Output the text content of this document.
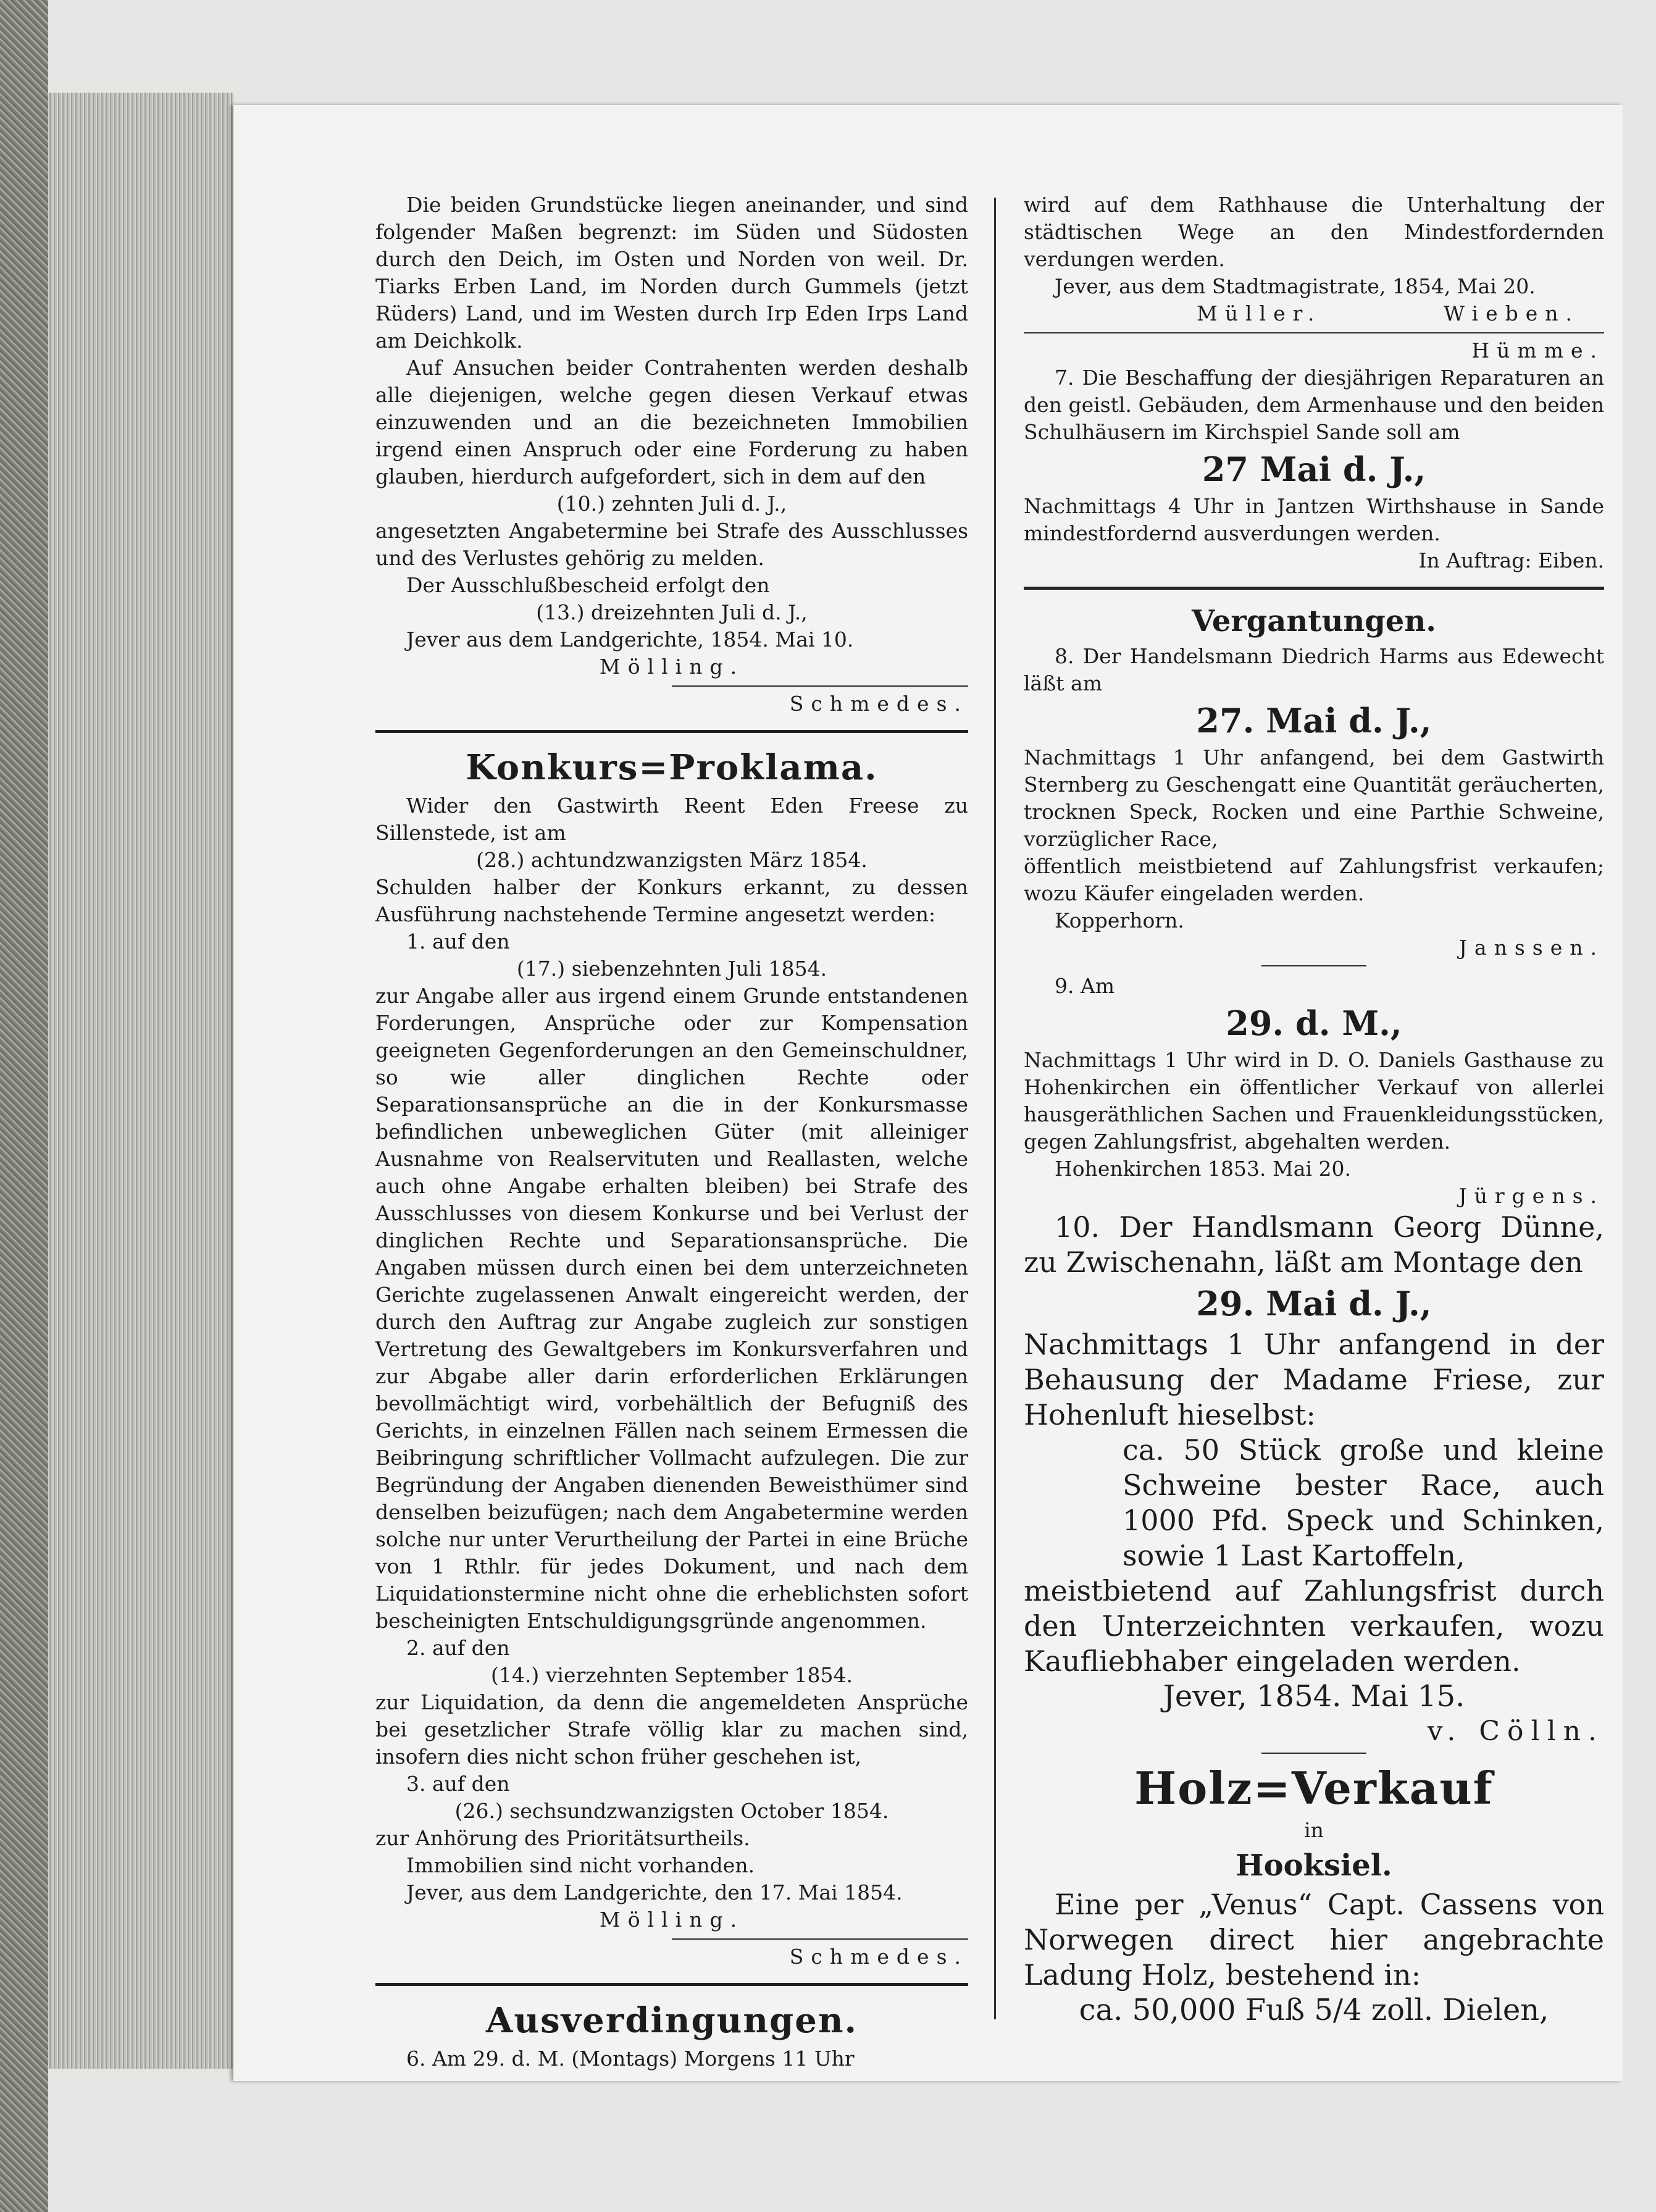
Die beiden Grundstücke liegen aneinander, und sind folgender Maßen begrenzt: im Süden und Südosten durch den Deich, im Osten und Norden von weil. Dr. Tiarks Erben Land, im Norden durch Gummels (jetzt Rüders) Land, und im Westen durch Irp Eden Irps Land am Deichkolk.

Auf Ansuchen beider Contrahenten werden deshalb alle diejenigen, welche gegen diesen Verkauf etwas einzuwenden und an die bezeichneten Immobilien irgend einen Anspruch oder eine Forderung zu haben glauben, hierdurch aufgefordert, sich in dem auf den

(10.) zehnten Juli d. J.,

angesetzten Angabetermine bei Strafe des Ausschlusses und des Verlustes gehörig zu melden.

Der Ausschlußbescheid erfolgt den

(13.) dreizehnten Juli d. J.,

Jever aus dem Landgerichte, 1854. Mai 10.

Mölling.

Schmedes.

Konkurs=Proklama.

Wider den Gastwirth Reent Eden Freese zu Sillenstede, ist am

(28.) achtundzwanzigsten März 1854.

Schulden halber der Konkurs erkannt, zu dessen Ausführung nachstehende Termine angesetzt werden:

1. auf den

(17.) siebenzehnten Juli 1854.

zur Angabe aller aus irgend einem Grunde entstandenen Forderungen, Ansprüche oder zur Kompensation geeigneten Gegenforderungen an den Gemeinschuldner, so wie aller dinglichen Rechte oder Separationsansprüche an die in der Konkursmasse befindlichen unbeweglichen Güter (mit alleiniger Ausnahme von Realservituten und Reallasten, welche auch ohne Angabe erhalten bleiben) bei Strafe des Ausschlusses von diesem Konkurse und bei Verlust der dinglichen Rechte und Separationsansprüche. Die Angaben müssen durch einen bei dem unterzeichneten Gerichte zugelassenen Anwalt eingereicht werden, der durch den Auftrag zur Angabe zugleich zur sonstigen Vertretung des Gewaltgebers im Konkursverfahren und zur Abgabe aller darin erforderlichen Erklärungen bevollmächtigt wird, vorbehältlich der Befugniß des Gerichts, in einzelnen Fällen nach seinem Ermessen die Beibringung schriftlicher Vollmacht aufzulegen. Die zur Begründung der Angaben dienenden Beweisthümer sind denselben beizufügen; nach dem Angabetermine werden solche nur unter Verurtheilung der Partei in eine Brüche von 1 Rthlr. für jedes Dokument, und nach dem Liquidationstermine nicht ohne die erheblichsten sofort bescheinigten Entschuldigungsgründe angenommen.

2. auf den

(14.) vierzehnten September 1854.

zur Liquidation, da denn die angemeldeten Ansprüche bei gesetzlicher Strafe völlig klar zu machen sind, insofern dies nicht schon früher geschehen ist,

3. auf den

(26.) sechsundzwanzigsten October 1854.

zur Anhörung des Prioritätsurtheils.

Immobilien sind nicht vorhanden.

Jever, aus dem Landgerichte, den 17. Mai 1854.

Mölling.

Schmedes.

Ausverdingungen.

6. Am 29. d. M. (Montags) Morgens 11 Uhr

wird auf dem Rathhause die Unterhaltung der städtischen Wege an den Mindestfordernden verdungen werden.

Jever, aus dem Stadtmagistrate, 1854, Mai 20.

Müller.	Wieben.

Hümme.

7. Die Beschaffung der diesjährigen Reparaturen an den geistl. Gebäuden, dem Armenhause und den beiden Schulhäusern im Kirchspiel Sande soll am

27 Mai d. J.,

Nachmittags 4 Uhr in Jantzen Wirthshause in Sande mindestfordernd ausverdungen werden.

In Auftrag: Eiben.

Vergantungen.

8. Der Handelsmann Diedrich Harms aus Edewecht läßt am

27. Mai d. J.,

Nachmittags 1 Uhr anfangend, bei dem Gastwirth Sternberg zu Geschengatt eine Quantität geräucherten, trocknen Speck, Rocken und eine Parthie Schweine, vorzüglicher Race,

öffentlich meistbietend auf Zahlungsfrist verkaufen; wozu Käufer eingeladen werden.

Kopperhorn.

Janssen.

9. Am

29. d. M.,

Nachmittags 1 Uhr wird in D. O. Daniels Gasthause zu Hohenkirchen ein öffentlicher Verkauf von allerlei hausgeräthlichen Sachen und Frauenkleidungsstücken, gegen Zahlungsfrist, abgehalten werden.

Hohenkirchen 1853. Mai 20.

Jürgens.

10. Der Handlsmann Georg Dünne, zu Zwischenahn, läßt am Montage den

29. Mai d. J.,

Nachmittags 1 Uhr anfangend in der Behausung der Madame Friese, zur Hohenluft hieselbst:

ca. 50 Stück große und kleine Schweine bester Race, auch 1000 Pfd. Speck und Schinken, sowie 1 Last Kartoffeln,

meistbietend auf Zahlungsfrist durch den Unterzeichnten verkaufen, wozu Kaufliebhaber eingeladen werden.

Jever, 1854. Mai 15.

v. Cölln.

Holz=Verkauf

in

Hooksiel.

Eine per „Venus“ Capt. Cassens von Norwegen direct hier angebrachte Ladung Holz, bestehend in:

ca. 50,000 Fuß 5/4 zoll. Dielen,
